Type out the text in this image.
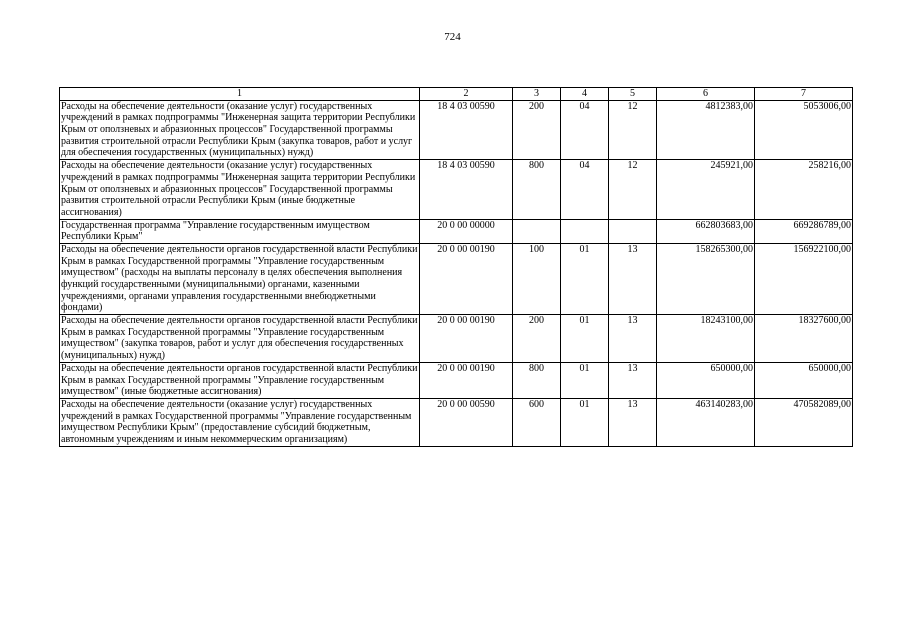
724
1	2	3	4	5	6	7
Расходы на обеспечение деятельности (оказание услуг) государственных учреждений в рамках подпрограммы "Инженерная защита территории Республики Крым от оползневых и абразионных процессов" Государственной программы развития строительной отрасли Республики Крым (закупка товаров, работ и услуг для обеспечения государственных (муниципальных) нужд)	18 4 03 00590	200	04	12	4812383,00	5053006,00
Расходы на обеспечение деятельности (оказание услуг) государственных учреждений в рамках подпрограммы "Инженерная защита территории Республики Крым от оползневых и абразионных процессов" Государственной программы развития строительной отрасли Республики Крым (иные бюджетные ассигнования)	18 4 03 00590	800	04	12	245921,00	258216,00
Государственная программа "Управление государственным имуществом Республики Крым"	20 0 00 00000				662803683,00	669286789,00
Расходы на обеспечение деятельности органов государственной власти Республики Крым в рамках Государственной программы "Управление государственным имуществом" (расходы на выплаты персоналу в целях обеспечения выполнения функций государственными (муниципальными) органами, казенными учреждениями, органами управления государственными внебюджетными фондами)	20 0 00 00190	100	01	13	158265300,00	156922100,00
Расходы на обеспечение деятельности органов государственной власти Республики Крым в рамках Государственной программы "Управление государственным имуществом" (закупка товаров, работ и услуг для обеспечения государственных (муниципальных) нужд)	20 0 00 00190	200	01	13	18243100,00	18327600,00
Расходы на обеспечение деятельности органов государственной власти Республики Крым в рамках Государственной программы "Управление государственным имуществом" (иные бюджетные ассигнования)	20 0 00 00190	800	01	13	650000,00	650000,00
Расходы на обеспечение деятельности (оказание услуг) государственных учреждений в рамках Государственной программы "Управление государственным имуществом Республики Крым" (предоставление субсидий бюджетным, автономным учреждениям и иным некоммерческим организациям)	20 0 00 00590	600	01	13	463140283,00	470582089,00
